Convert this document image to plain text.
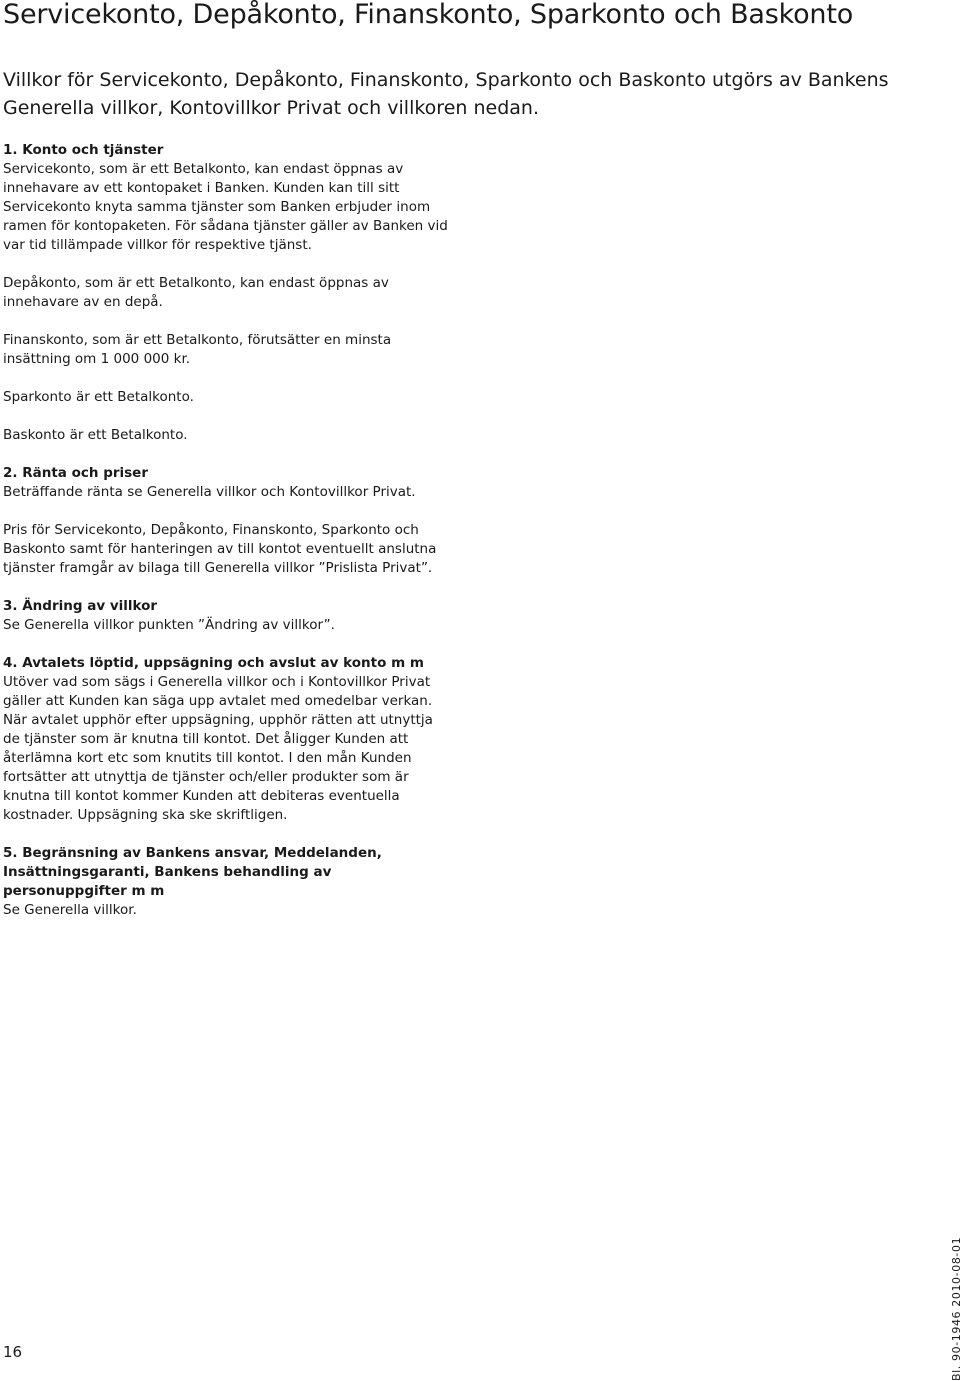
Servicekonto, Depåkonto, Finanskonto, Sparkonto och Baskonto
Villkor för Servicekonto, Depåkonto, Finanskonto, Sparkonto och Baskonto utgörs av Bankens Generella villkor, Kontovillkor Privat och villkoren nedan.

1. Konto och tjänster
Servicekonto, som är ett Betalkonto, kan endast öppnas av innehavare av ett kontopaket i Banken. Kunden kan till sitt Servicekonto knyta samma tjänster som Banken erbjuder inom ramen för kontopaketen. För sådana tjänster gäller av Banken vid var tid tillämpade villkor för respektive tjänst.

Depåkonto, som är ett Betalkonto, kan endast öppnas av innehavare av en depå.

Finanskonto, som är ett Betalkonto, förutsätter en minsta insättning om 1 000 000 kr.

Sparkonto är ett Betalkonto.

Baskonto är ett Betalkonto.

2. Ränta och priser
Beträffande ränta se Generella villkor och Kontovillkor Privat.

Pris för Servicekonto, Depåkonto, Finanskonto, Sparkonto och Baskonto samt för hanteringen av till kontot eventuellt anslutna tjänster framgår av bilaga till Generella villkor ”Prislista Privat”.

3. Ändring av villkor
Se Generella villkor punkten ”Ändring av villkor”.

4. Avtalets löptid, uppsägning och avslut av konto m m
Utöver vad som sägs i Generella villkor och i Kontovillkor Privat gäller att Kunden kan säga upp avtalet med omedelbar verkan. När avtalet upphör efter uppsägning, upphör rätten att utnyttja de tjänster som är knutna till kontot. Det åligger Kunden att återlämna kort etc som knutits till kontot. I den mån Kunden fortsätter att utnyttja de tjänster och/eller produkter som är knutna till kontot kommer Kunden att debiteras eventuella kostnader. Uppsägning ska ske skriftligen.

5. Begränsning av Bankens ansvar, Meddelanden, Insättningsgaranti, Bankens behandling av personuppgifter m m
Se Generella villkor.

16	Bl. 90-1946 2010-08-01
